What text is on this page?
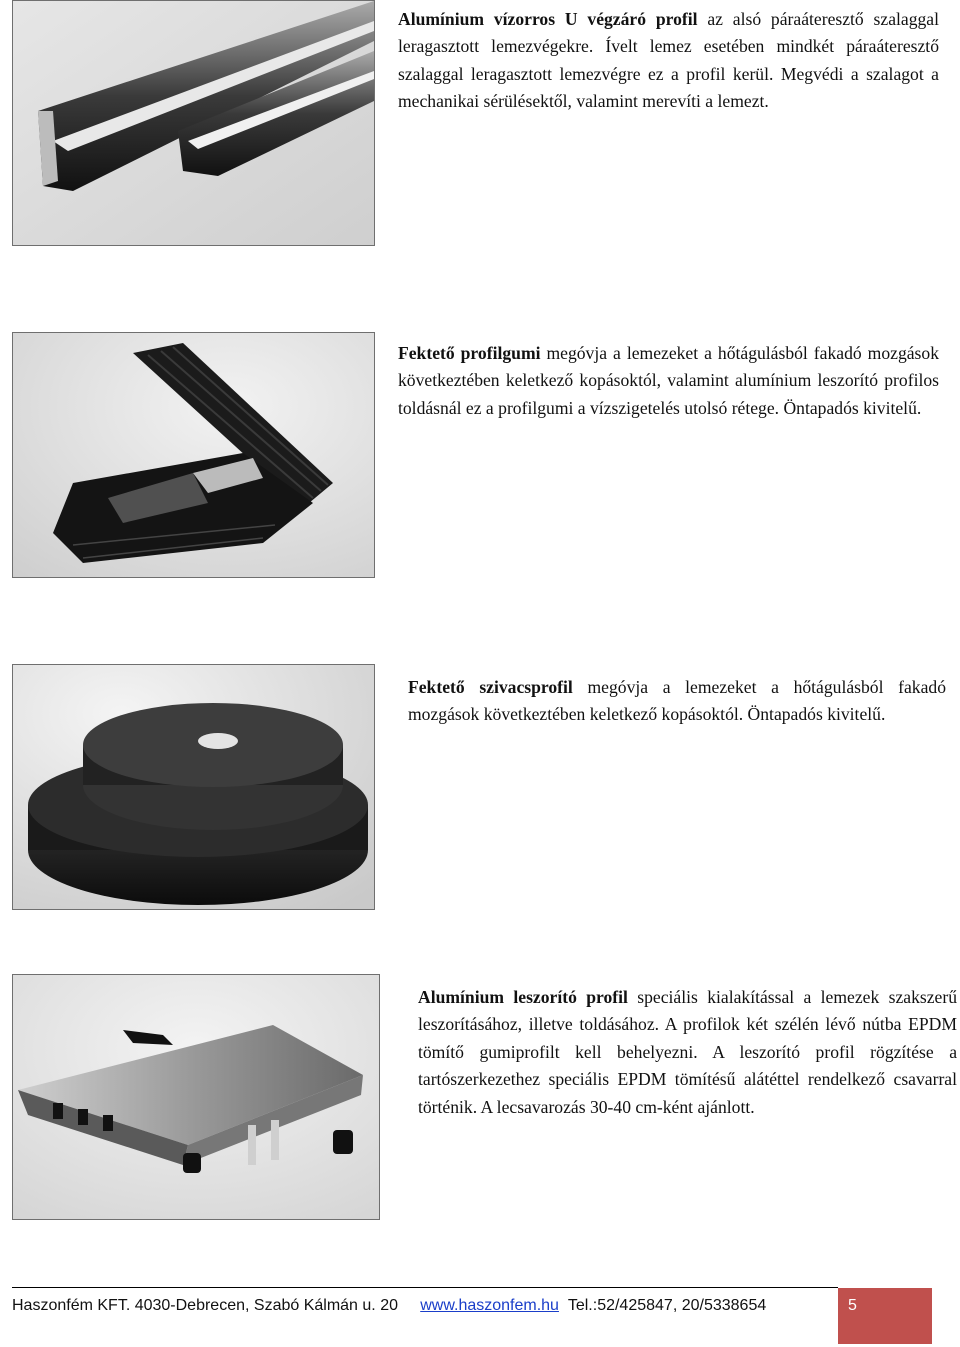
Alumínium vízorros U végzáró profil az alsó páraáteresztő szalaggal leragasztott lemezvégekre. Ívelt lemez esetében mindkét páraáteresztő szalaggal leragasztott lemezvégre ez a profil kerül. Megvédi a szalagot a mechanikai sérülésektől, valamint merevíti a lemezt.
Fektető profilgumi megóvja a lemezeket a hőtágulásból fakadó mozgások következtében keletkező kopásoktól, valamint alumínium leszorító profilos toldásnál ez a profilgumi a vízszigetelés utolsó rétege. Öntapadós kivitelű.
Fektető szivacsprofil megóvja a lemezeket a hőtágulásból fakadó mozgások következtében keletkező kopásoktól. Öntapadós kivitelű.
Alumínium leszorító profil speciális kialakítással a lemezek szakszerű leszorításához, illetve toldásához. A profilok két szélén lévő nútba EPDM tömítő gumiprofilt kell behelyezni. A leszorító profil rögzítése a tartószerkezethez speciális EPDM tömítésű alátéttel rendelkező csavarral történik. A lecsavarozás 30-40 cm-ként ajánlott.
Haszonfém KFT. 4030-Debrecen, Szabó Kálmán u. 20 www.haszonfem.hu Tel.:52/425847, 20/5338654	5
